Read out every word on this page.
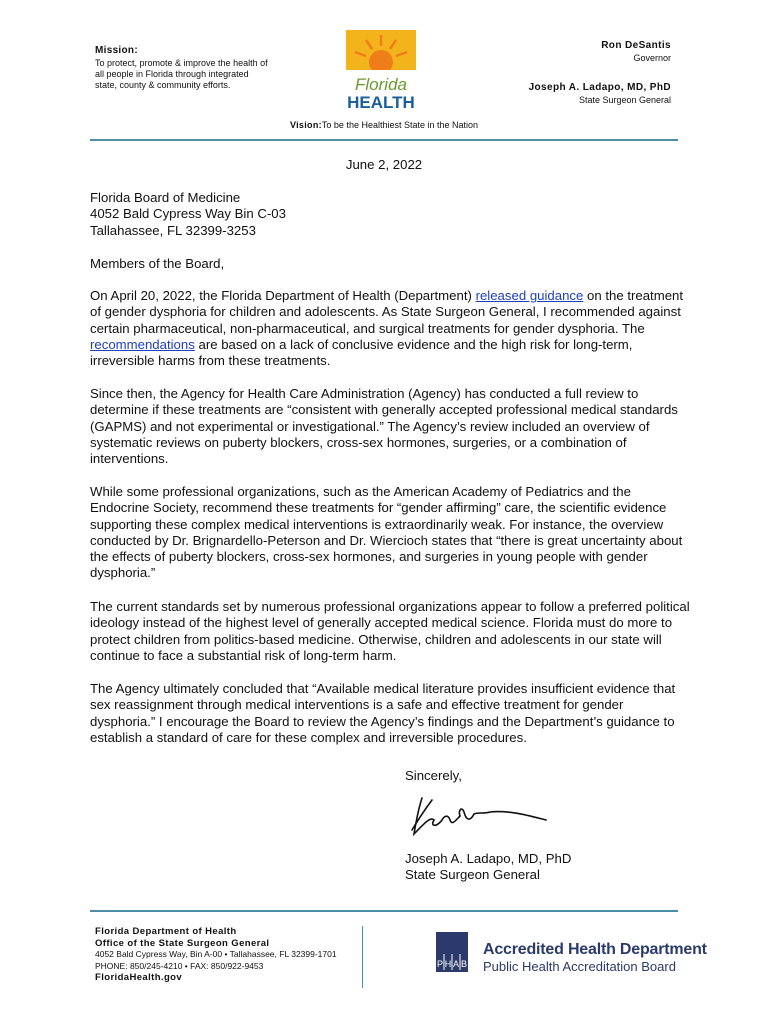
Mission:
To protect, promote & improve the health of all people in Florida through integrated state, county & community efforts.	Florida
HEALTH
Ron DeSantis
Governor
Joseph A. Ladapo, MD, PhD
State Surgeon General
Vision:To be the Healthiest State in the Nation
June 2, 2022
Florida Board of Medicine
4052 Bald Cypress Way Bin C-03
Tallahassee, FL 32399-3253
Members of the Board,

On April 20, 2022, the Florida Department of Health (Department) released guidance on the treatment of gender dysphoria for children and adolescents. As State Surgeon General, I recommended against certain pharmaceutical, non-pharmaceutical, and surgical treatments for gender dysphoria. The recommendations are based on a lack of conclusive evidence and the high risk for long-term, irreversible harms from these treatments.

Since then, the Agency for Health Care Administration (Agency) has conducted a full review to determine if these treatments are “consistent with generally accepted professional medical standards (GAPMS) and not experimental or investigational.” The Agency’s review included an overview of systematic reviews on puberty blockers, cross-sex hormones, surgeries, or a combination of interventions.

While some professional organizations, such as the American Academy of Pediatrics and the Endocrine Society, recommend these treatments for “gender affirming” care, the scientific evidence supporting these complex medical interventions is extraordinarily weak. For instance, the overview conducted by Dr. Brignardello-Peterson and Dr. Wiercioch states that “there is great uncertainty about the effects of puberty blockers, cross-sex hormones, and surgeries in young people with gender dysphoria.”

The current standards set by numerous professional organizations appear to follow a preferred political ideology instead of the highest level of generally accepted medical science. Florida must do more to protect children from politics-based medicine. Otherwise, children and adolescents in our state will continue to face a substantial risk of long-term harm.

The Agency ultimately concluded that “Available medical literature provides insufficient evidence that sex reassignment through medical interventions is a safe and effective treatment for gender dysphoria.” I encourage the Board to review the Agency’s findings and the Department’s guidance to establish a standard of care for these complex and irreversible procedures.

Sincerely,
Joseph A. Ladapo, MD, PhD
State Surgeon General
Florida Department of Health
Office of the State Surgeon General
4052 Bald Cypress Way, Bin A-00 • Tallahassee, FL 32399-1701
PHONE: 850/245-4210 • FAX: 850/922-9453
FloridaHealth.gov
P H A B
Accredited Health Department
Public Health Accreditation Board
